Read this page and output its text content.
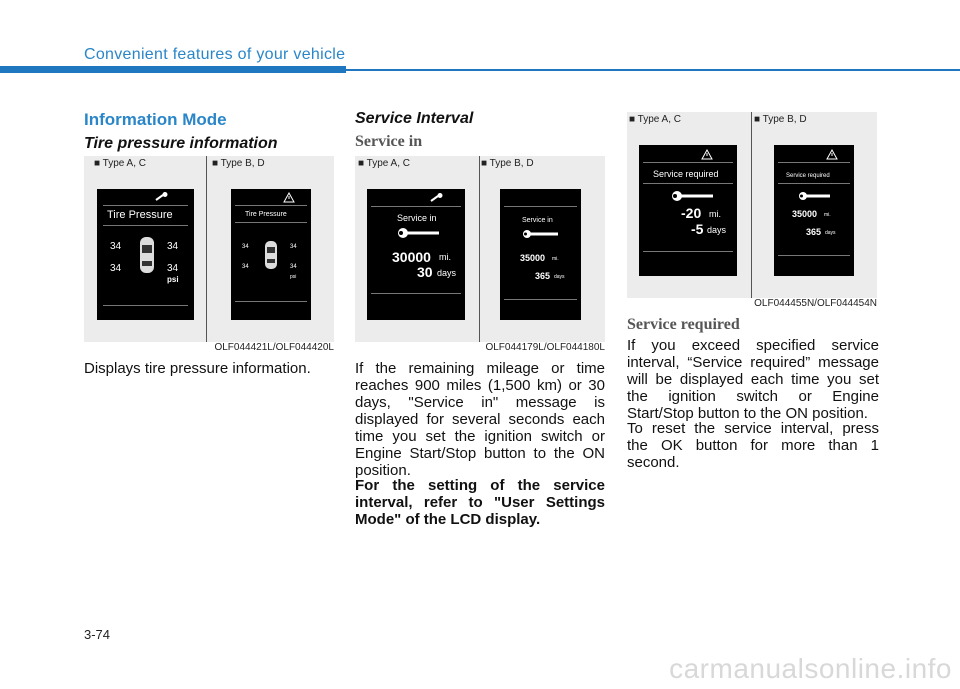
Convenient features of your vehicle
Information Mode
Tire pressure information
■ Type A, C	■ Type B, D
Tire Pressure
34	34
34	34
psi
Tire Pressure
34	34
34	34
psi
OLF044421L/OLF044420L
Displays tire pressure information.
Service Interval
Service in
■ Type A, C	■ Type B, D
Service in
30000 mi.
30 days
Service in
35000 mi.
365 days
OLF044179L/OLF044180L
If the remaining mileage or time reaches 900 miles (1,500 km) or 30 days, "Service in" message is displayed for several seconds each time you set the ignition switch or Engine Start/Stop button to the ON position.
For the setting of the service interval, refer to "User Settings Mode" of the LCD display.
■ Type A, C	■ Type B, D
Service required
-20 mi.
-5 days
Service required
35000 mi.
365 days
OLF044455N/OLF044454N
Service required
If you exceed specified service interval, “Service required” message will be displayed each time you set the ignition switch or Engine Start/Stop button to the ON position.
To reset the service interval, press the OK button for more than 1 second.
3-74
carmanualsonline.info
